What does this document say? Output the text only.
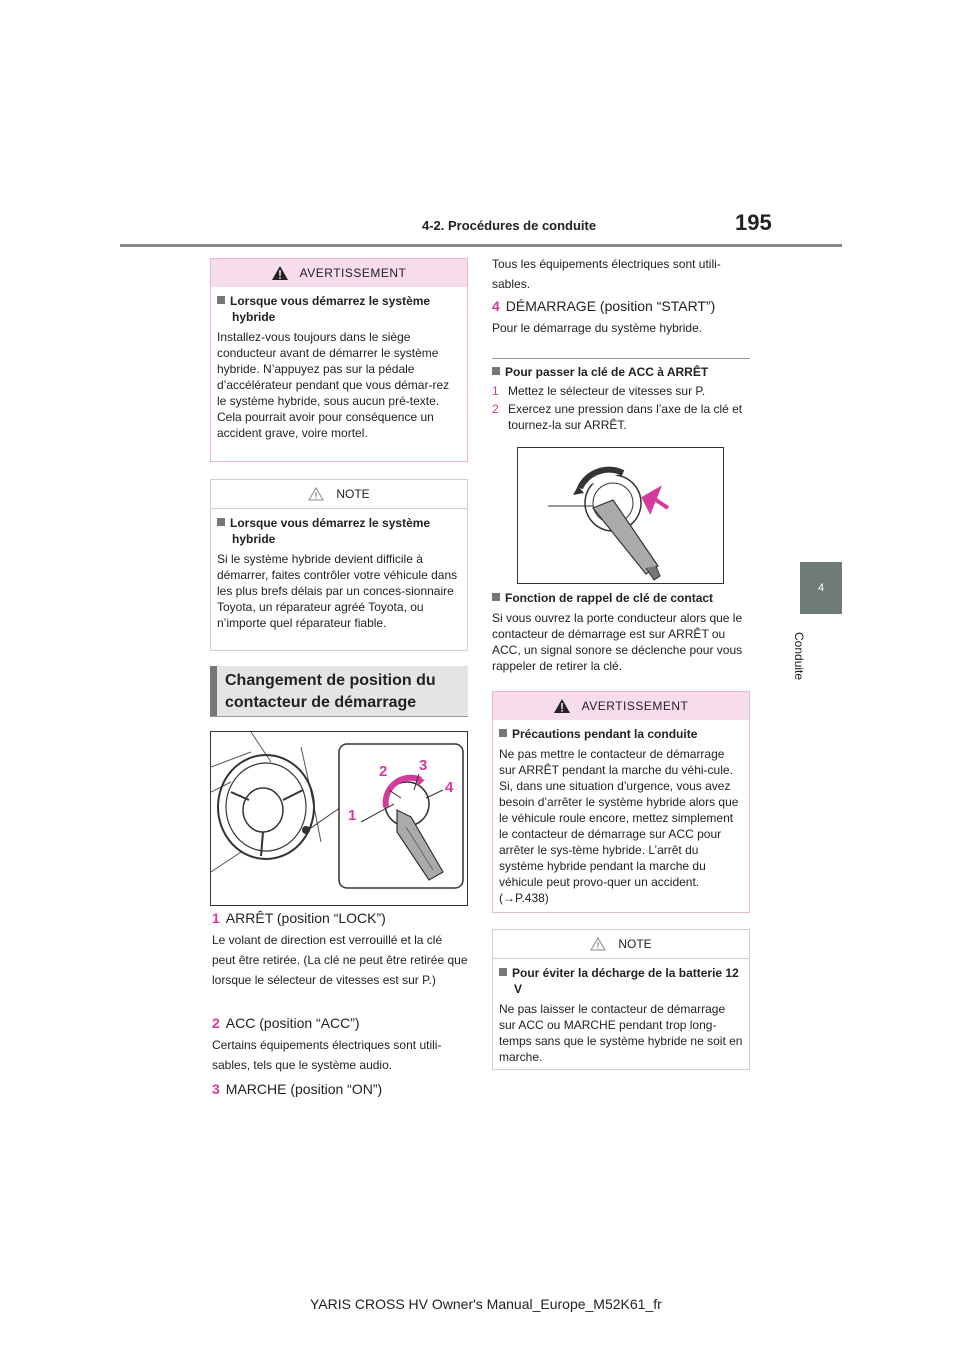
195
4-2. Procédures de conduite
4
Conduite
AVERTISSEMENT
Lorsque vous démarrez le système hybride

Installez-vous toujours dans le siège conducteur avant de démarrer le système hybride. N’appuyez pas sur la pédale d’accélérateur pendant que vous démar-rez le système hybride, sous aucun pré-texte. Cela pourrait avoir pour conséquence un accident grave, voire mortel.

NOTE
Lorsque vous démarrez le système hybride

Si le système hybride devient difficile à démarrer, faites contrôler votre véhicule dans les plus brefs délais par un conces-sionnaire Toyota, un réparateur agréé Toyota, ou n’importe quel réparateur fiable.

Changement de position du contacteur de démarrage
1
2 3
4
1 ARRÊT (position “LOCK”)
Le volant de direction est verrouillé et la clé peut être retirée. (La clé ne peut être retirée que lorsque le sélecteur de vitesses est sur P.)
2 ACC (position “ACC”)
Certains équipements électriques sont utili-sables, tels que le système audio.
3 MARCHE (position “ON”)
Tous les équipements électriques sont utili-sables.
4 DÉMARRAGE (position “START”)
Pour le démarrage du système hybride.
Pour passer la clé de ACC à ARRÊT
1 Mettez le sélecteur de vitesses sur P.
2 Exercez une pression dans l’axe de la clé et tournez-la sur ARRÊT.
Fonction de rappel de clé de contact
Si vous ouvrez la porte conducteur alors que le contacteur de démarrage est sur ARRÊT ou ACC, un signal sonore se déclenche pour vous rappeler de retirer la clé.
AVERTISSEMENT
Précautions pendant la conduite

Ne pas mettre le contacteur de démarrage sur ARRÊT pendant la marche du véhi-cule. Si, dans une situation d’urgence, vous avez besoin d’arrêter le système hybride alors que le véhicule roule encore, mettez simplement le contacteur de démarrage sur ACC pour arrêter le sys-tème hybride. L’arrêt du système hybride pendant la marche du véhicule peut provo-quer un accident. (→P.438)

NOTE
Pour éviter la décharge de la batterie 12 V

Ne pas laisser le contacteur de démarrage sur ACC ou MARCHE pendant trop long-temps sans que le système hybride ne soit en marche.

YARIS CROSS HV Owner's Manual_Europe_M52K61_fr
